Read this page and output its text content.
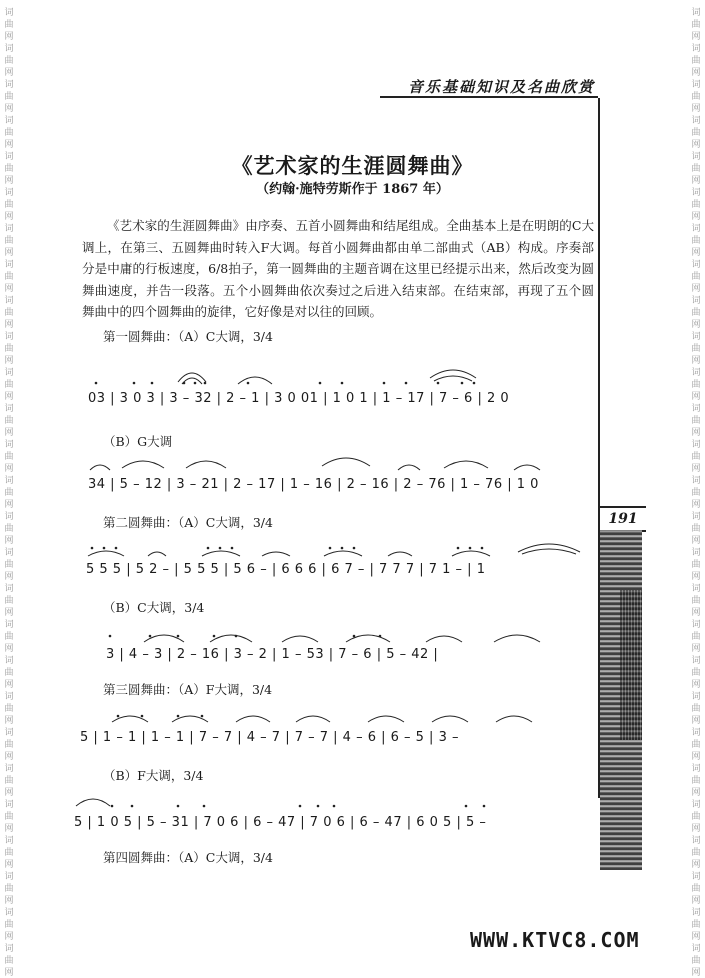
词
曲
网
词
曲
网
词
曲
网
词
曲
网
词
曲
网
词
曲
网
词
曲
网
词
曲
网
词
曲
网
词
曲
网
词
曲
网
词
曲
网
词
曲
网
词
曲
网
词
曲
网
词
曲
网
词
曲
网
词
曲
网
词
曲
网
词
曲
网
词
曲
网
词
曲
网
词
曲
网
词
曲
网
词
曲
网
词
曲
网
词
曲
网
词
曲
网
词
曲
网
词
曲
网
词
曲
网
词
曲
网
词
曲
网
词
曲
网
词
曲
网
词
曲
网
词
曲
网
词
曲
网
词
曲
网
词
曲
网
词
曲
网
词
曲
网
词
曲
网
词
曲
网
词
曲
网
词
曲
网
词
曲
网
词
曲
网
词
曲
网
词
曲
网
词
曲
网
词
曲
网
词
曲
网
词
曲
网
音乐基础知识及名曲欣赏
《艺术家的生涯圆舞曲》
（约翰·施特劳斯作于 1867 年）
《艺术家的生涯圆舞曲》由序奏、五首小圆舞曲和结尾组成。全曲基本上是在明朗的C大调上，在第三、五圆舞曲时转入F大调。每首小圆舞曲都由单二部曲式（AB）构成。序奏部分是中庸的行板速度，6/8拍子，第一圆舞曲的主题音调在这里已经提示出来，然后改变为圆舞曲速度，并告一段落。五个小圆舞曲依次奏过之后进入结束部。在结束部，再现了五个圆舞曲中的四个圆舞曲的旋律，它好像是对以往的回顾。
第一圆舞曲：（A）C大调，3/4
03 | 3 0 3 | 3 – 32 | 2 – 1 | 3 0 01 | 1 0 1 | 1 – 17 | 7 – 6 | 2 0
（B）G大调
34 | 5 – 12 | 3 – 21 | 2 – 17 | 1 – 16 | 2 – 16 | 2 – 76 | 1 – 76 | 1 0
第二圆舞曲：（A）C大调，3/4
5 5 5 | 5 2 – | 5 5 5 | 5 6 – | 6 6 6 | 6 7 – | 7 7 7 | 7 1 – | 1
（B）C大调，3/4
3 | 4 – 3 | 2 – 16 | 3 – 2 | 1 – 53 | 7 – 6 | 5 – 42 |
第三圆舞曲：（A）F大调，3/4
5 | 1 – 1 | 1 – 1 | 7 – 7 | 4 – 7 | 7 – 7 | 4 – 6 | 6 – 5 | 3 –
（B）F大调，3/4
5 | 1 0 5 | 5 – 31 | 7 0 6 | 6 – 47 | 7 0 6 | 6 – 47 | 6 0 5 | 5 –
第四圆舞曲：（A）C大调，3/4
191
WWW.KTVC8.COM
